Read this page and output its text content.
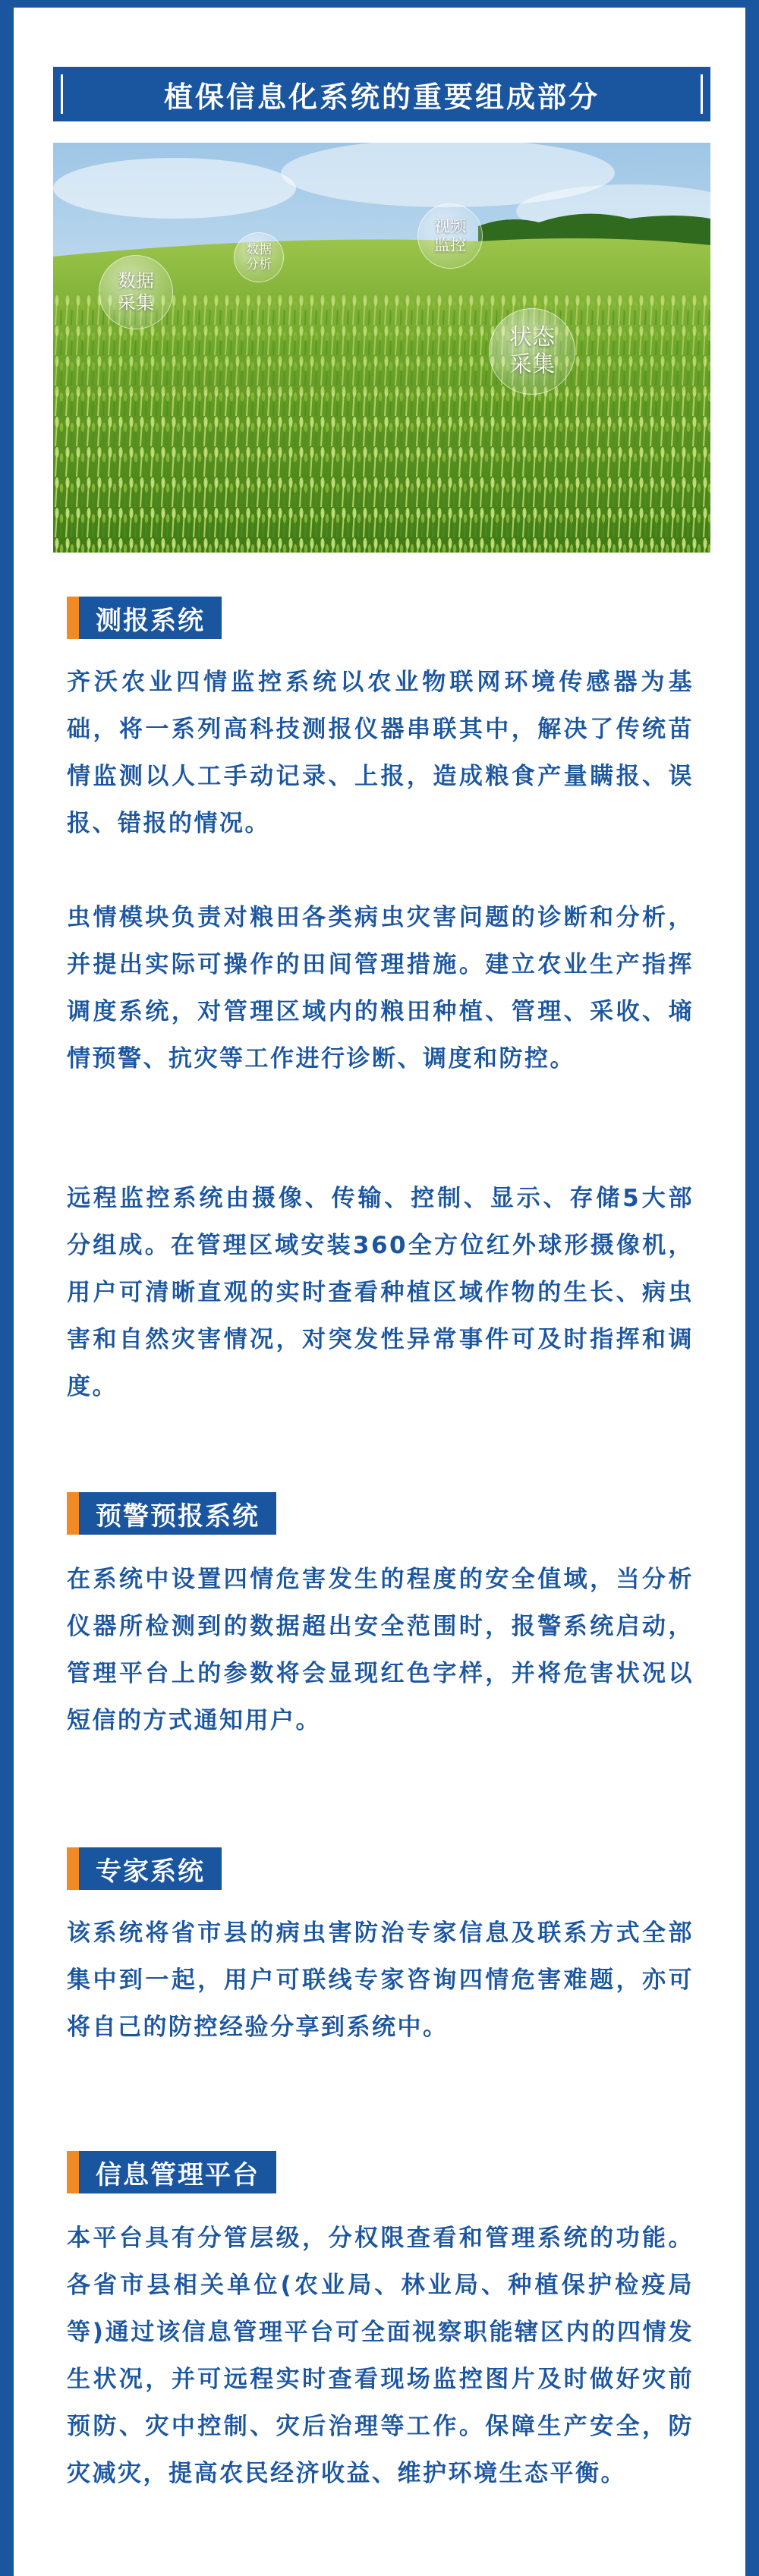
植保信息化系统的重要组成部分
数据
采集
数据
分析
视频
监控
状态
采集
测报系统

齐沃农业四情监控系统以农业物联网环境传感器为基础，将一系列高科技测报仪器串联其中，解决了传统苗情监测以人工手动记录、上报，造成粮食产量瞒报、误报、错报的情况。

虫情模块负责对粮田各类病虫灾害问题的诊断和分析，并提出实际可操作的田间管理措施。建立农业生产指挥调度系统，对管理区域内的粮田种植、管理、采收、墒情预警、抗灾等工作进行诊断、调度和防控。

远程监控系统由摄像、传输、控制、显示、存储5大部分组成。在管理区域安装360全方位红外球形摄像机，用户可清晰直观的实时查看种植区域作物的生长、病虫害和自然灾害情况，对突发性异常事件可及时指挥和调度。

预警预报系统

在系统中设置四情危害发生的程度的安全值域，当分析仪器所检测到的数据超出安全范围时，报警系统启动，管理平台上的参数将会显现红色字样，并将危害状况以短信的方式通知用户。

专家系统

该系统将省市县的病虫害防治专家信息及联系方式全部集中到一起，用户可联线专家咨询四情危害难题，亦可将自己的防控经验分享到系统中。

信息管理平台

本平台具有分管层级，分权限查看和管理系统的功能。各省市县相关单位(农业局、林业局、种植保护检疫局等)通过该信息管理平台可全面视察职能辖区内的四情发生状况，并可远程实时查看现场监控图片及时做好灾前预防、灾中控制、灾后治理等工作。保障生产安全，防灾减灾，提高农民经济收益、维护环境生态平衡。
